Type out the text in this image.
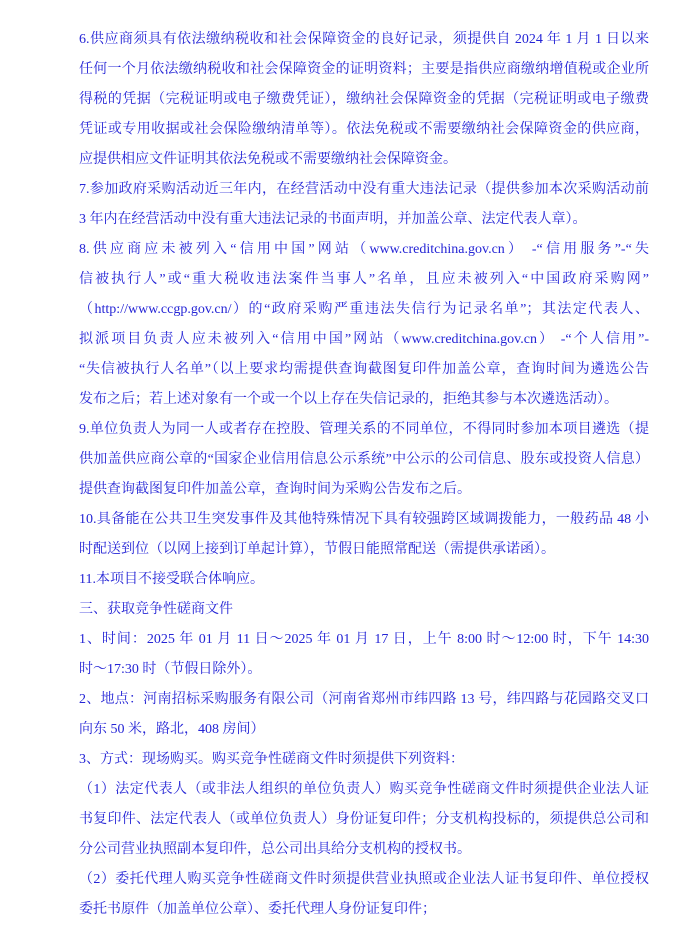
6.供应商须具有依法缴纳税收和社会保障资金的良好记录，须提供自 2024 年 1 月 1 日以来
任何一个月依法缴纳税收和社会保障资金的证明资料；主要是指供应商缴纳增值税或企业所
得税的凭据（完税证明或电子缴费凭证），缴纳社会保障资金的凭据（完税证明或电子缴费
凭证或专用收据或社会保险缴纳清单等）。依法免税或不需要缴纳社会保障资金的供应商，
应提供相应文件证明其依法免税或不需要缴纳社会保障资金。
7.参加政府采购活动近三年内，在经营活动中没有重大违法记录（提供参加本次采购活动前
3 年内在经营活动中没有重大违法记录的书面声明，并加盖公章、法定代表人章）。
8.供应商应未被列入“信用中国”网站（www.creditchina.gov.cn） -“信用服务”-“失
信被执行人”或“重大税收违法案件当事人”名单，且应未被列入“中国政府采购网”
（http://www.ccgp.gov.cn/）的“政府采购严重违法失信行为记录名单”；其法定代表人、
拟派项目负责人应未被列入“信用中国”网站（www.creditchina.gov.cn） -“个人信用”-
“失信被执行人名单”（以上要求均需提供查询截图复印件加盖公章，查询时间为遴选公告
发布之后；若上述对象有一个或一个以上存在失信记录的，拒绝其参与本次遴选活动）。
9.单位负责人为同一人或者存在控股、管理关系的不同单位，不得同时参加本项目遴选（提
供加盖供应商公章的“国家企业信用信息公示系统”中公示的公司信息、股东或投资人信息）
提供查询截图复印件加盖公章，查询时间为采购公告发布之后。
10.具备能在公共卫生突发事件及其他特殊情况下具有较强跨区域调拨能力，一般药品 48 小
时配送到位（以网上接到订单起计算），节假日能照常配送（需提供承诺函）。
11.本项目不接受联合体响应。
三、获取竞争性磋商文件
1、时间：2025 年 01 月 11 日～2025 年 01 月 17 日，上午 8:00 时～12:00 时，下午 14:30
时～17:30 时（节假日除外）。
2、地点：河南招标采购服务有限公司（河南省郑州市纬四路 13 号，纬四路与花园路交叉口
向东 50 米，路北，408 房间）
3、方式：现场购买。购买竞争性磋商文件时须提供下列资料：
（1）法定代表人（或非法人组织的单位负责人）购买竞争性磋商文件时须提供企业法人证
书复印件、法定代表人（或单位负责人）身份证复印件；分支机构投标的，须提供总公司和
分公司营业执照副本复印件，总公司出具给分支机构的授权书。
（2）委托代理人购买竞争性磋商文件时须提供营业执照或企业法人证书复印件、单位授权
委托书原件（加盖单位公章）、委托代理人身份证复印件；
